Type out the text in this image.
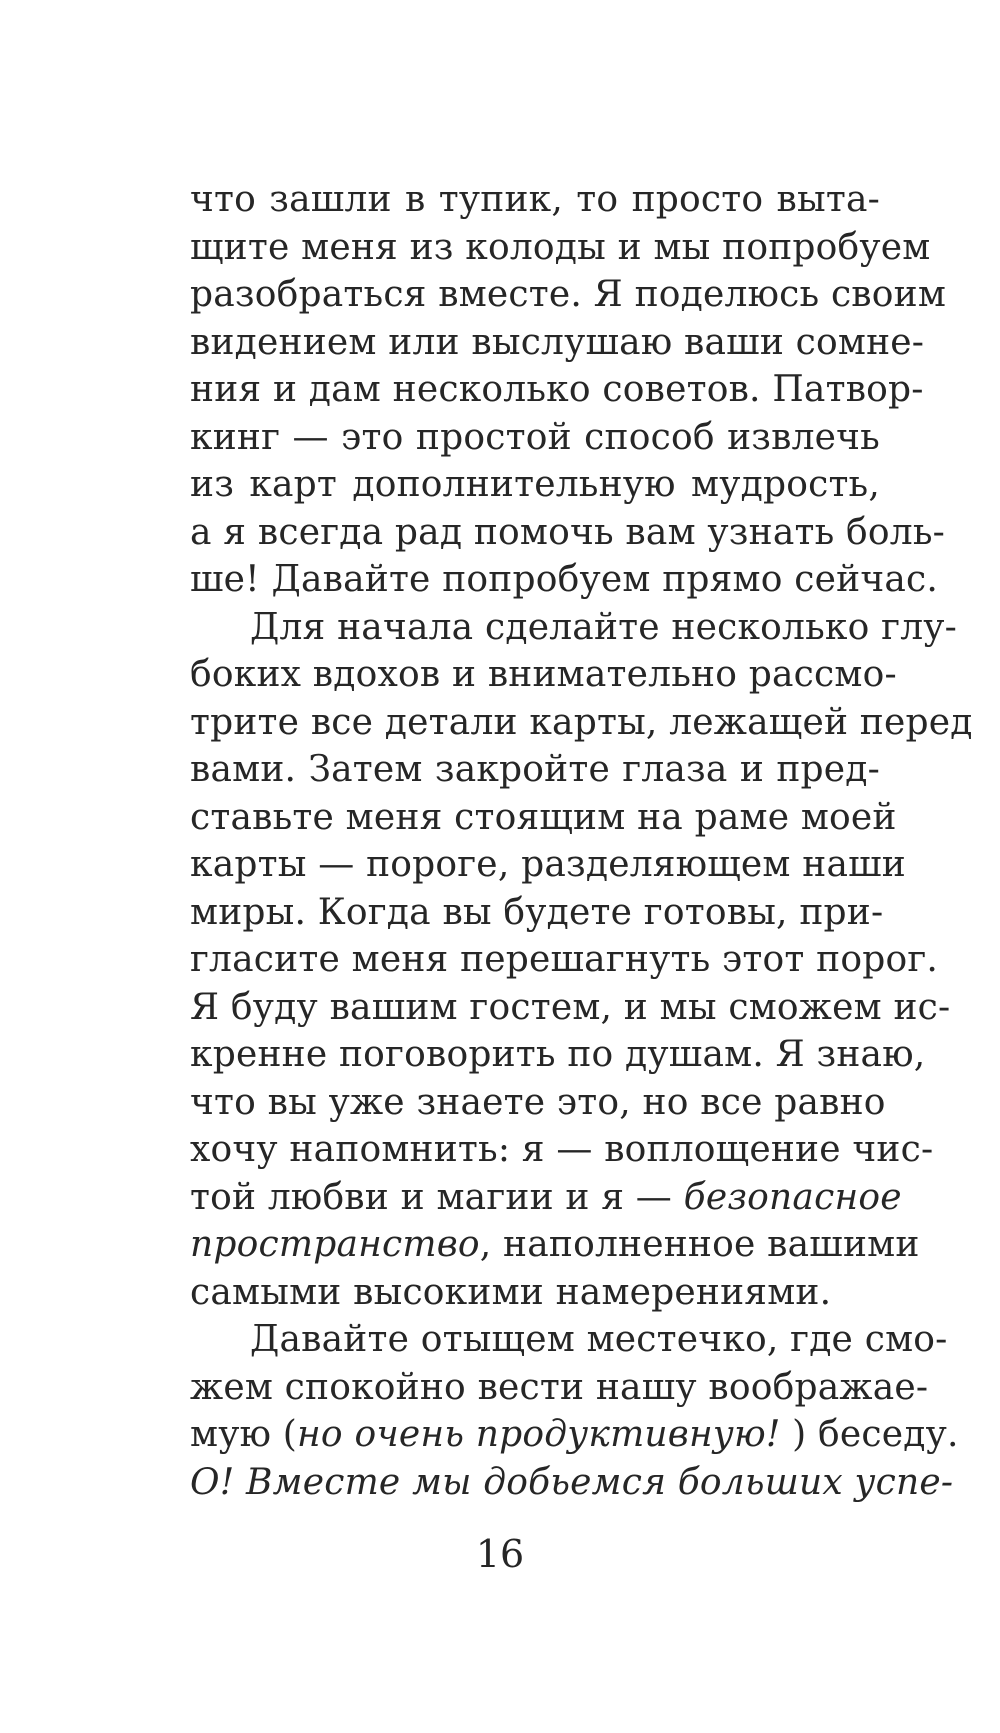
что зашли в тупик, то просто выта-
щите меня из колоды и мы попробуем
разобраться вместе. Я поделюсь своим
видением или выслушаю ваши сомне-
ния и дам несколько советов. Патвор-
кинг — это простой способ извлечь
из карт дополнительную мудрость,
а я всегда рад помочь вам узнать боль-
ше! Давайте попробуем прямо сейчас.
Для начала сделайте несколько глу-
боких вдохов и внимательно рассмо-
трите все детали карты, лежащей перед
вами. Затем закройте глаза и пред-
ставьте меня стоящим на раме моей
карты — пороге, разделяющем наши
миры. Когда вы будете готовы, при-
гласите меня перешагнуть этот порог.
Я буду вашим гостем, и мы сможем ис-
кренне поговорить по душам. Я знаю,
что вы уже знаете это, но все равно
хочу напомнить: я — воплощение чис-
той любви и магии и я — безопасное
пространство, наполненное вашими
самыми высокими намерениями.
Давайте отыщем местечко, где смо-
жем спокойно вести нашу воображае-
мую (но очень продуктивную! ) беседу.
О! Вместе мы добьемся больших успе-
16
